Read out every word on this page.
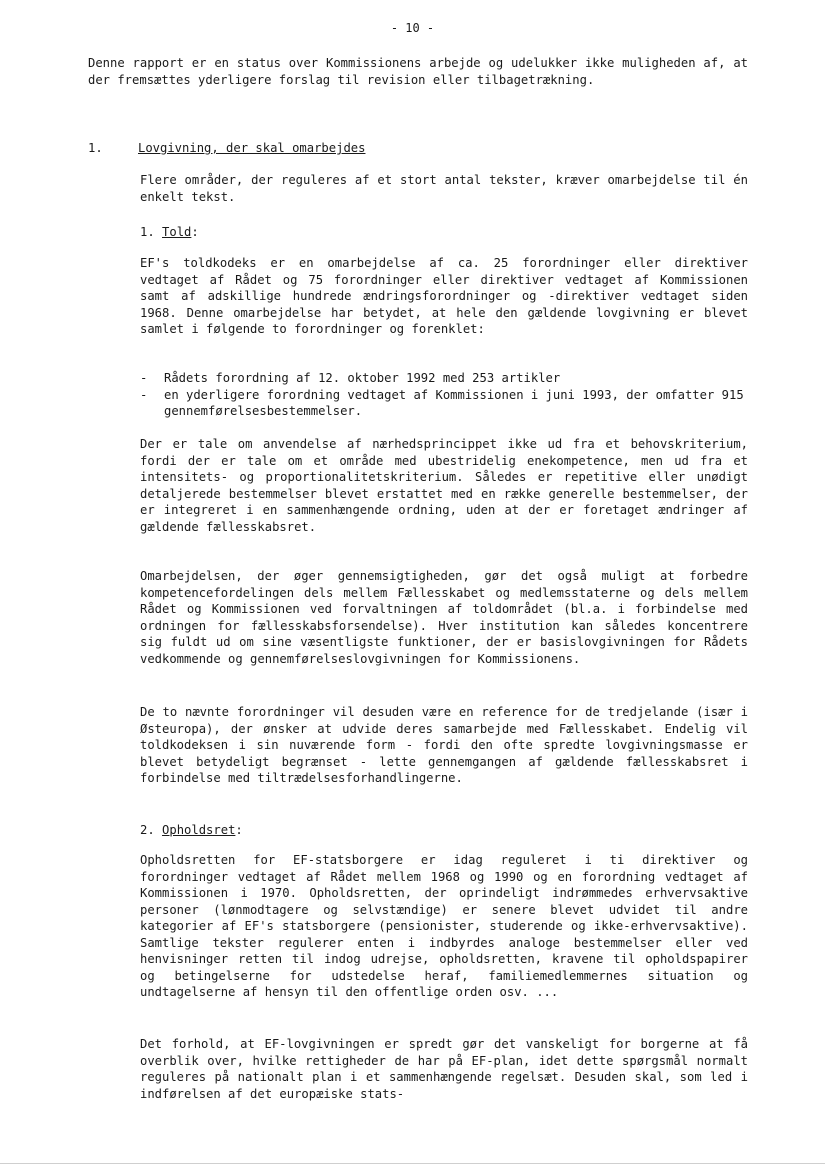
- 10 -

Denne rapport er en status over Kommissionens arbejde og udelukker ikke muligheden af, at der fremsættes yderligere forslag til revision eller tilbagetrækning.

1.	Lovgivning, der skal omarbejdes

Flere områder, der reguleres af et stort antal tekster, kræver omarbejdelse til én enkelt tekst.

1. Told:

EF's toldkodeks er en omarbejdelse af ca. 25 forordninger eller direktiver vedtaget af Rådet og 75 forordninger eller direktiver vedtaget af Kommissionen samt af adskillige hundrede ændringsforordninger og -direktiver vedtaget siden 1968. Denne omarbejdelse har betydet, at hele den gældende lovgivning er blevet samlet i følgende to forordninger og forenklet:

- Rådets forordning af 12. oktober 1992 med 253 artikler
- en yderligere forordning vedtaget af Kommissionen i juni 1993, der omfatter 915 gennemførelsesbestemmelser.

Der er tale om anvendelse af nærhedsprincippet ikke ud fra et behovskriterium, fordi der er tale om et område med ubestridelig enekompetence, men ud fra et intensitets- og proportionalitetskriterium. Således er repetitive eller unødigt detaljerede bestemmelser blevet erstattet med en række generelle bestemmelser, der er integreret i en sammenhængende ordning, uden at der er foretaget ændringer af gældende fællesskabsret.

Omarbejdelsen, der øger gennemsigtigheden, gør det også muligt at forbedre kompetencefordelingen dels mellem Fællesskabet og medlemsstaterne og dels mellem Rådet og Kommissionen ved forvaltningen af toldområdet (bl.a. i forbindelse med ordningen for fællesskabsforsendelse). Hver institution kan således koncentrere sig fuldt ud om sine væsentligste funktioner, der er basislovgivningen for Rådets vedkommende og gennemførelseslovgivningen for Kommissionens.

De to nævnte forordninger vil desuden være en reference for de tredjelande (især i Østeuropa), der ønsker at udvide deres samarbejde med Fællesskabet. Endelig vil toldkodeksen i sin nuværende form - fordi den ofte spredte lovgivningsmasse er blevet betydeligt begrænset - lette gennemgangen af gældende fællesskabsret i forbindelse med tiltrædelsesforhandlingerne.

2. Opholdsret:

Opholdsretten for EF-statsborgere er idag reguleret i ti direktiver og forordninger vedtaget af Rådet mellem 1968 og 1990 og en forordning vedtaget af Kommissionen i 1970. Opholdsretten, der oprindeligt indrømmedes erhvervsaktive personer (lønmodtagere og selvstændige) er senere blevet udvidet til andre kategorier af EF's statsborgere (pensionister, studerende og ikke-erhvervsaktive). Samtlige tekster regulerer enten i indbyrdes analoge bestemmelser eller ved henvisninger retten til indog udrejse, opholdsretten, kravene til opholdspapirer og betingelserne for udstedelse heraf, familiemedlemmernes situation og undtagelserne af hensyn til den offentlige orden osv. ...

Det forhold, at EF-lovgivningen er spredt gør det vanskeligt for borgerne at få overblik over, hvilke rettigheder de har på EF-plan, idet dette spørgsmål normalt reguleres på nationalt plan i et sammenhængende regelsæt. Desuden skal, som led i indførelsen af det europæiske stats-
